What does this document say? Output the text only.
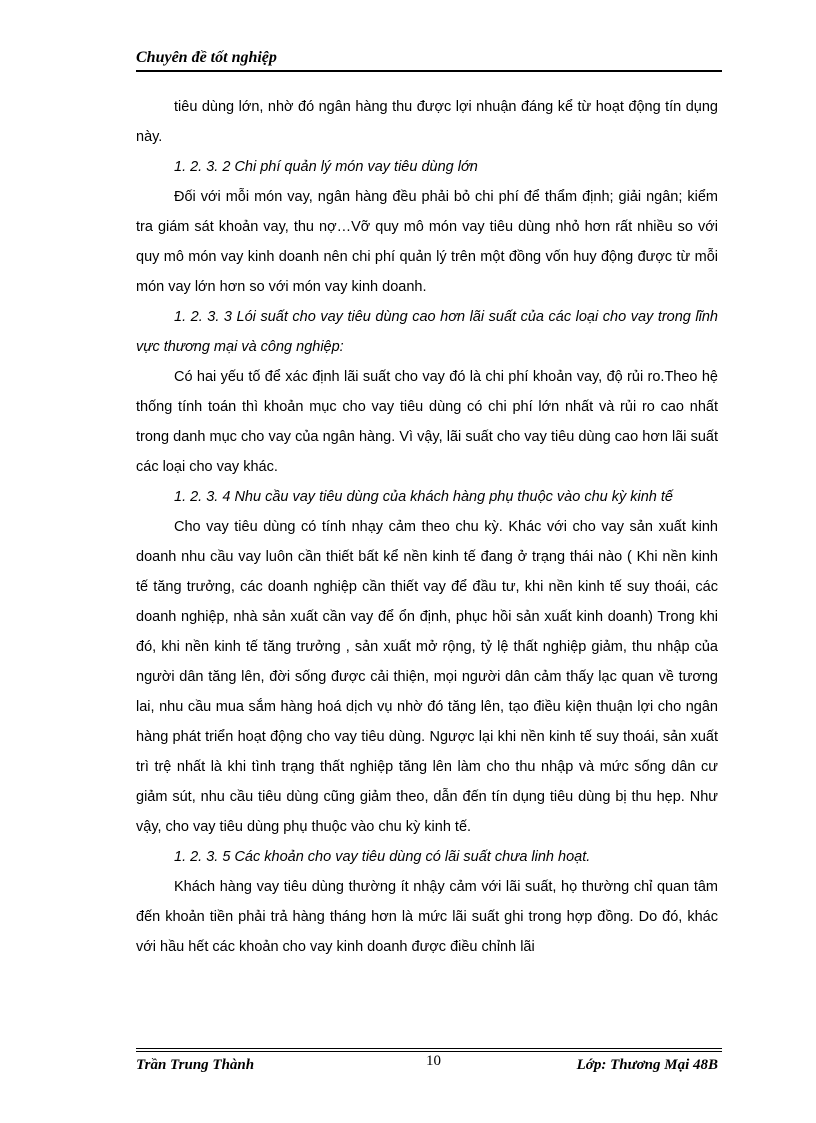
Chuyên đề tốt nghiệp

tiêu dùng lớn, nhờ đó ngân hàng thu được lợi nhuận đáng kể từ hoạt động tín dụng này.

1. 2. 3. 2 Chi phí quản lý món vay tiêu dùng lớn

Đối với mỗi món vay, ngân hàng đều phải bỏ chi phí để thẩm định; giải ngân; kiểm tra giám sát khoản vay, thu nợ…Vỡ quy mô món vay tiêu dùng nhỏ hơn rất nhiều so với quy mô món vay kinh doanh nên chi phí quản lý trên một đồng vốn huy động được từ mỗi món vay lớn hơn so với món vay kinh doanh.

1. 2. 3. 3 Lói suất cho vay tiêu dùng cao hơn lãi suất của các loại cho vay trong lĩnh vực thương mại và công nghiệp:

Có hai yếu tố để xác định lãi suất cho vay đó là chi phí khoản vay, độ rủi ro.Theo hệ thống tính toán thì khoản mục cho vay tiêu dùng có chi phí lớn nhất và rủi ro cao nhất trong danh mục cho vay của ngân hàng. Vì vậy, lãi suất cho vay tiêu dùng cao hơn lãi suất các loại cho vay khác.

1. 2. 3. 4 Nhu cầu vay tiêu dùng của khách hàng phụ thuộc vào chu kỳ kinh tế

Cho vay tiêu dùng có tính nhạy cảm theo chu kỳ. Khác với cho vay sản xuất kinh doanh nhu cầu vay luôn cần thiết bất kể nền kinh tế đang ở trạng thái nào ( Khi nền kinh tế tăng trưởng, các doanh nghiệp cần thiết vay để đầu tư, khi nền kinh tế suy thoái, các doanh nghiệp, nhà sản xuất cần vay để ổn định, phục hồi sản xuất kinh doanh) Trong khi đó, khi nền kinh tế tăng trưởng , sản xuất mở rộng, tỷ lệ thất nghiệp giảm, thu nhập của người dân tăng lên, đời sống được cải thiện, mọi người dân cảm thấy lạc quan về tương lai, nhu cầu mua sắm hàng hoá dịch vụ nhờ đó tăng lên, tạo điều kiện thuận lợi cho ngân hàng phát triển hoạt động cho vay tiêu dùng. Ngược lại khi nền kinh tế suy thoái, sản xuất trì trệ nhất là khi tình trạng thất nghiệp tăng lên làm cho thu nhập và mức sống dân cư giảm sút, nhu cầu tiêu dùng cũng giảm theo, dẫn đến tín dụng tiêu dùng bị thu hẹp. Như vậy, cho vay tiêu dùng phụ thuộc vào chu kỳ kinh tế.

1. 2. 3. 5 Các khoản cho vay tiêu dùng có lãi suất chưa linh hoạt.

Khách hàng vay tiêu dùng thường ít nhậy cảm với lãi suất, họ thường chỉ quan tâm đến khoản tiền phải trả hàng tháng hơn là mức lãi suất ghi trong hợp đồng. Do đó, khác với hầu hết các khoản cho vay kinh doanh được điều chỉnh lãi

Trần Trung Thành	10	Lớp: Thương Mại 48B
